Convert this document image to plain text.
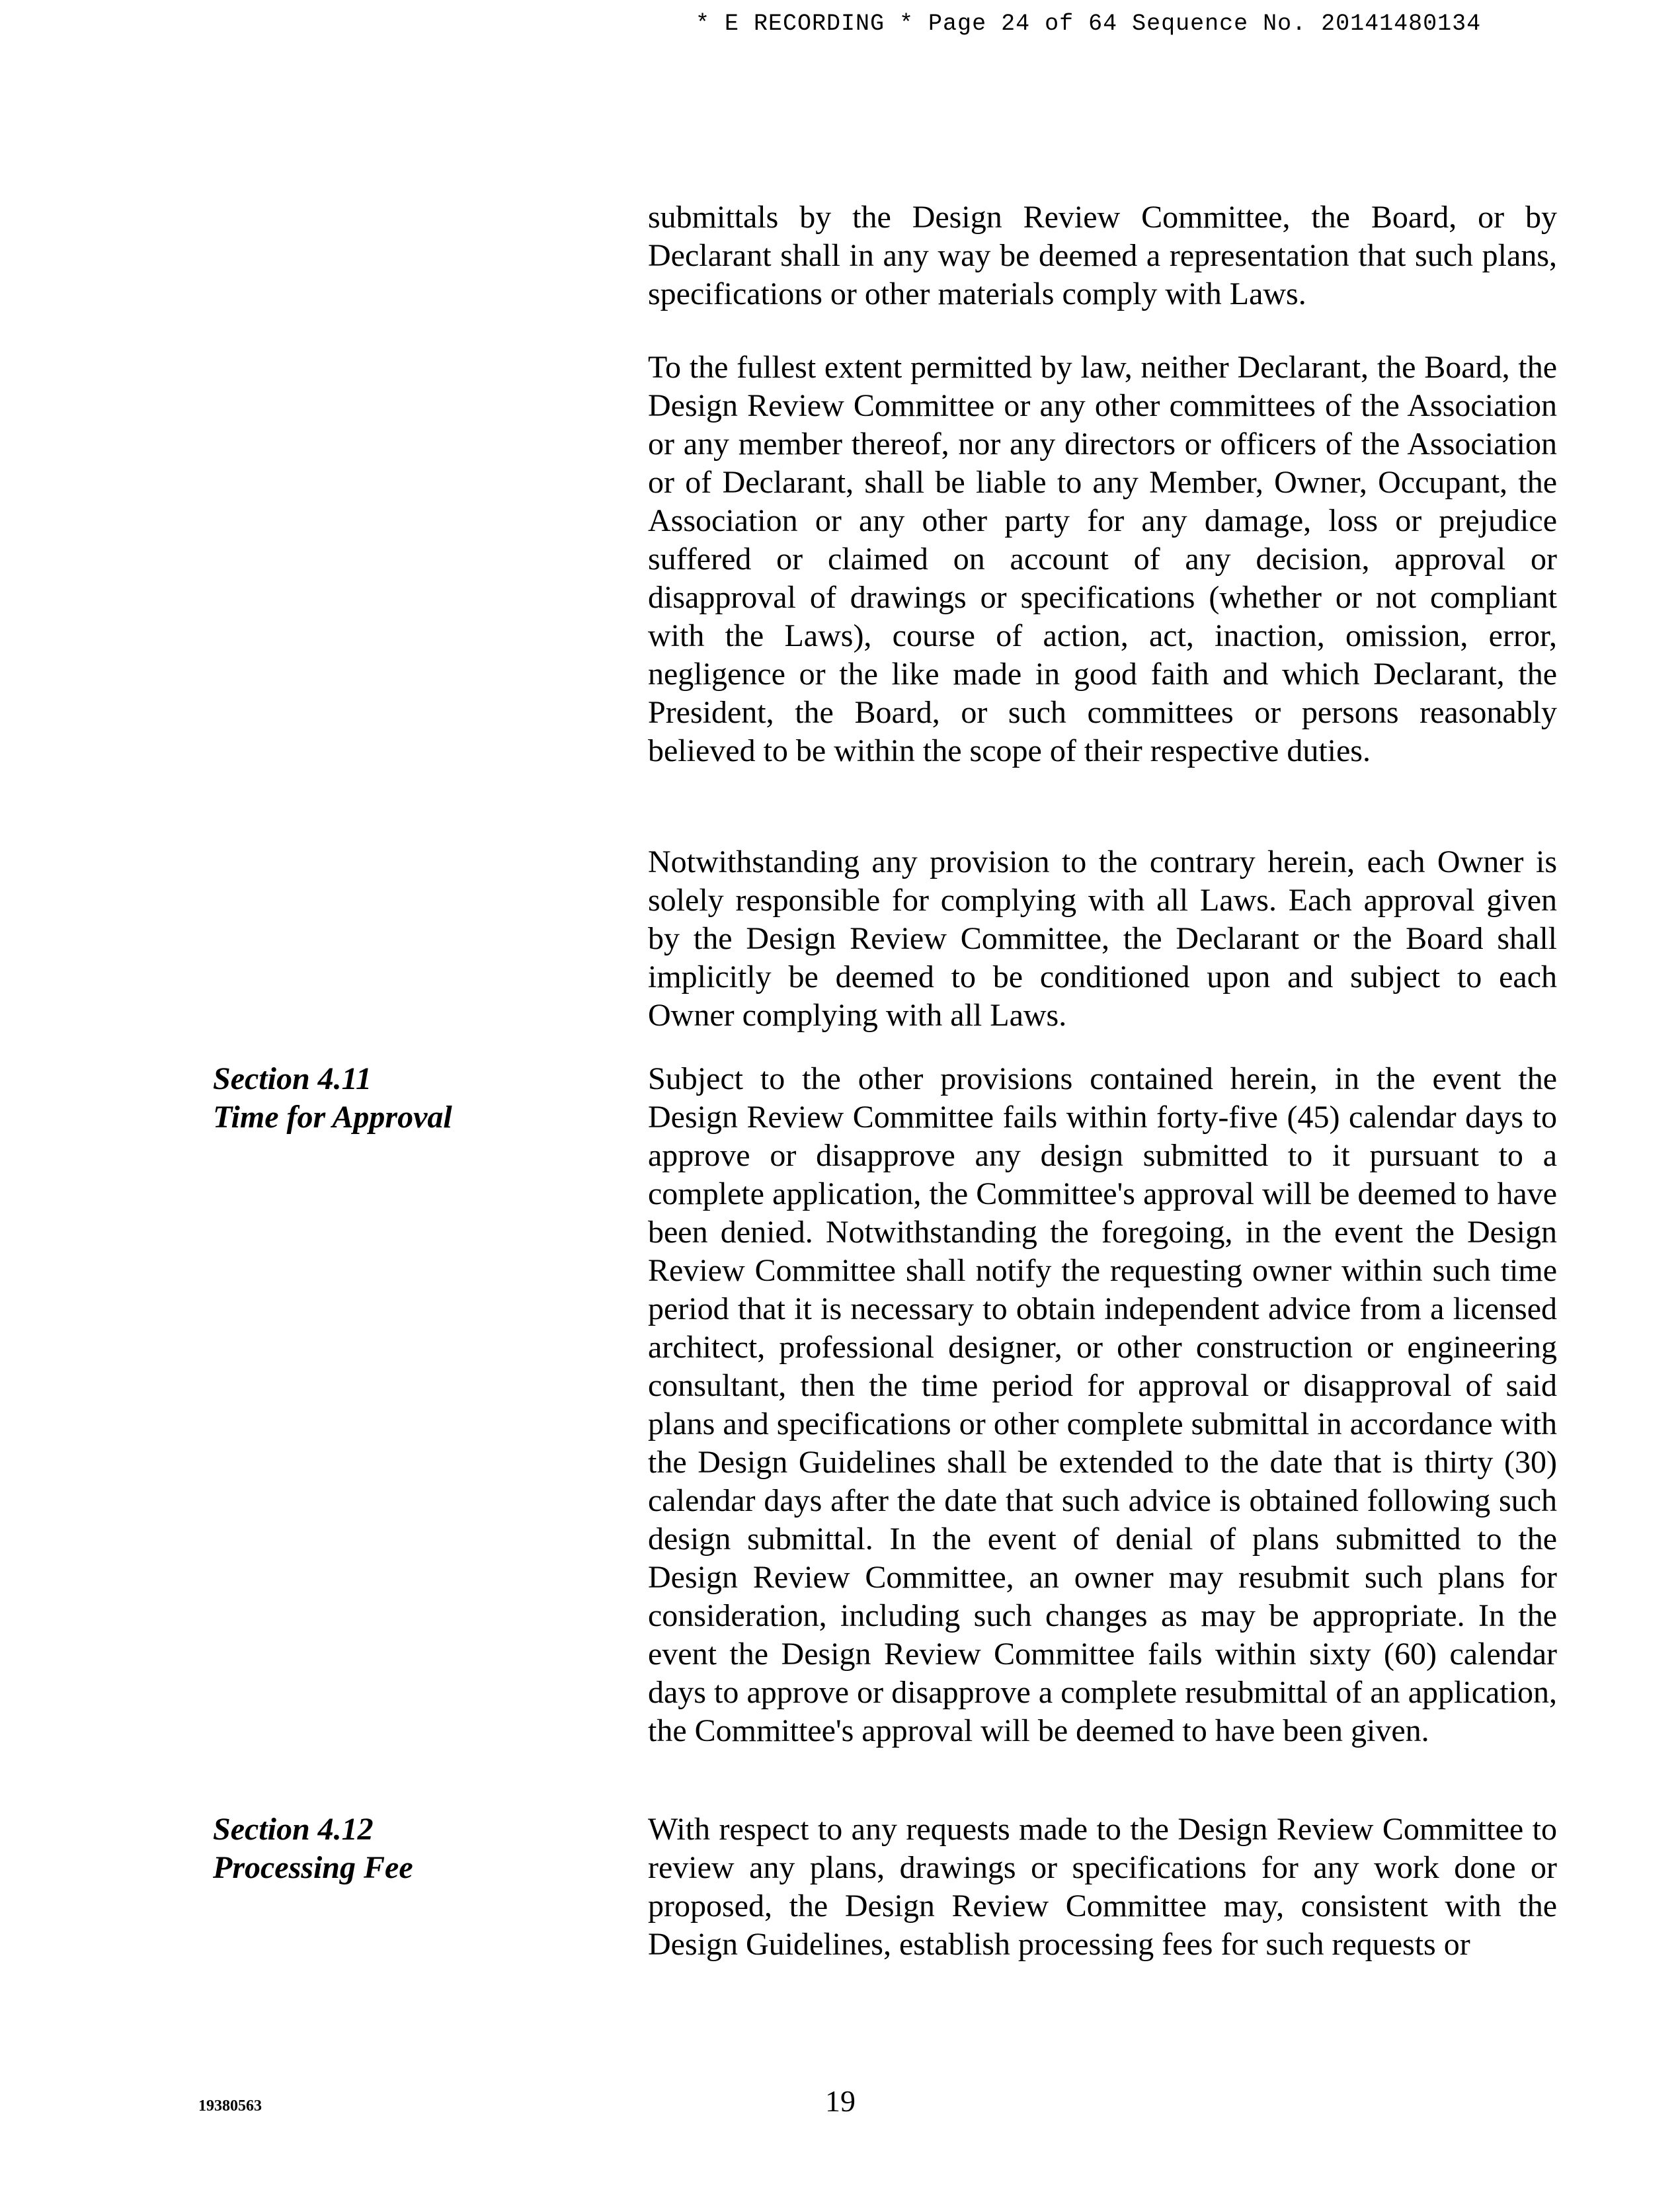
* E RECORDING * Page 24 of 64 Sequence No. 20141480134

submittals by the Design Review Committee, the Board, or by Declarant shall in any way be deemed a representation that such plans, specifications or other materials comply with Laws.

To the fullest extent permitted by law, neither Declarant, the Board, the Design Review Committee or any other committees of the Association or any member thereof, nor any directors or officers of the Association or of Declarant, shall be liable to any Member, Owner, Occupant, the Association or any other party for any damage, loss or prejudice suffered or claimed on account of any decision, approval or disapproval of drawings or specifications (whether or not compliant with the Laws), course of action, act, inaction, omission, error, negligence or the like made in good faith and which Declarant, the President, the Board, or such committees or persons reasonably believed to be within the scope of their respective duties.

Notwithstanding any provision to the contrary herein, each Owner is solely responsible for complying with all Laws. Each approval given by the Design Review Committee, the Declarant or the Board shall implicitly be deemed to be conditioned upon and subject to each Owner complying with all Laws.

Section 4.11
Time for Approval

Subject to the other provisions contained herein, in the event the Design Review Committee fails within forty-five (45) calendar days to approve or disapprove any design submitted to it pursuant to a complete application, the Committee's approval will be deemed to have been denied. Notwithstanding the foregoing, in the event the Design Review Committee shall notify the requesting owner within such time period that it is necessary to obtain independent advice from a licensed architect, professional designer, or other construction or engineering consultant, then the time period for approval or disapproval of said plans and specifications or other complete submittal in accordance with the Design Guidelines shall be extended to the date that is thirty (30) calendar days after the date that such advice is obtained following such design submittal. In the event of denial of plans submitted to the Design Review Committee, an owner may resubmit such plans for consideration, including such changes as may be appropriate. In the event the Design Review Committee fails within sixty (60) calendar days to approve or disapprove a complete resubmittal of an application, the Committee's approval will be deemed to have been given.

Section 4.12
Processing Fee

With respect to any requests made to the Design Review Committee to review any plans, drawings or specifications for any work done or proposed, the Design Review Committee may, consistent with the Design Guidelines, establish processing fees for such requests or

19380563	19
